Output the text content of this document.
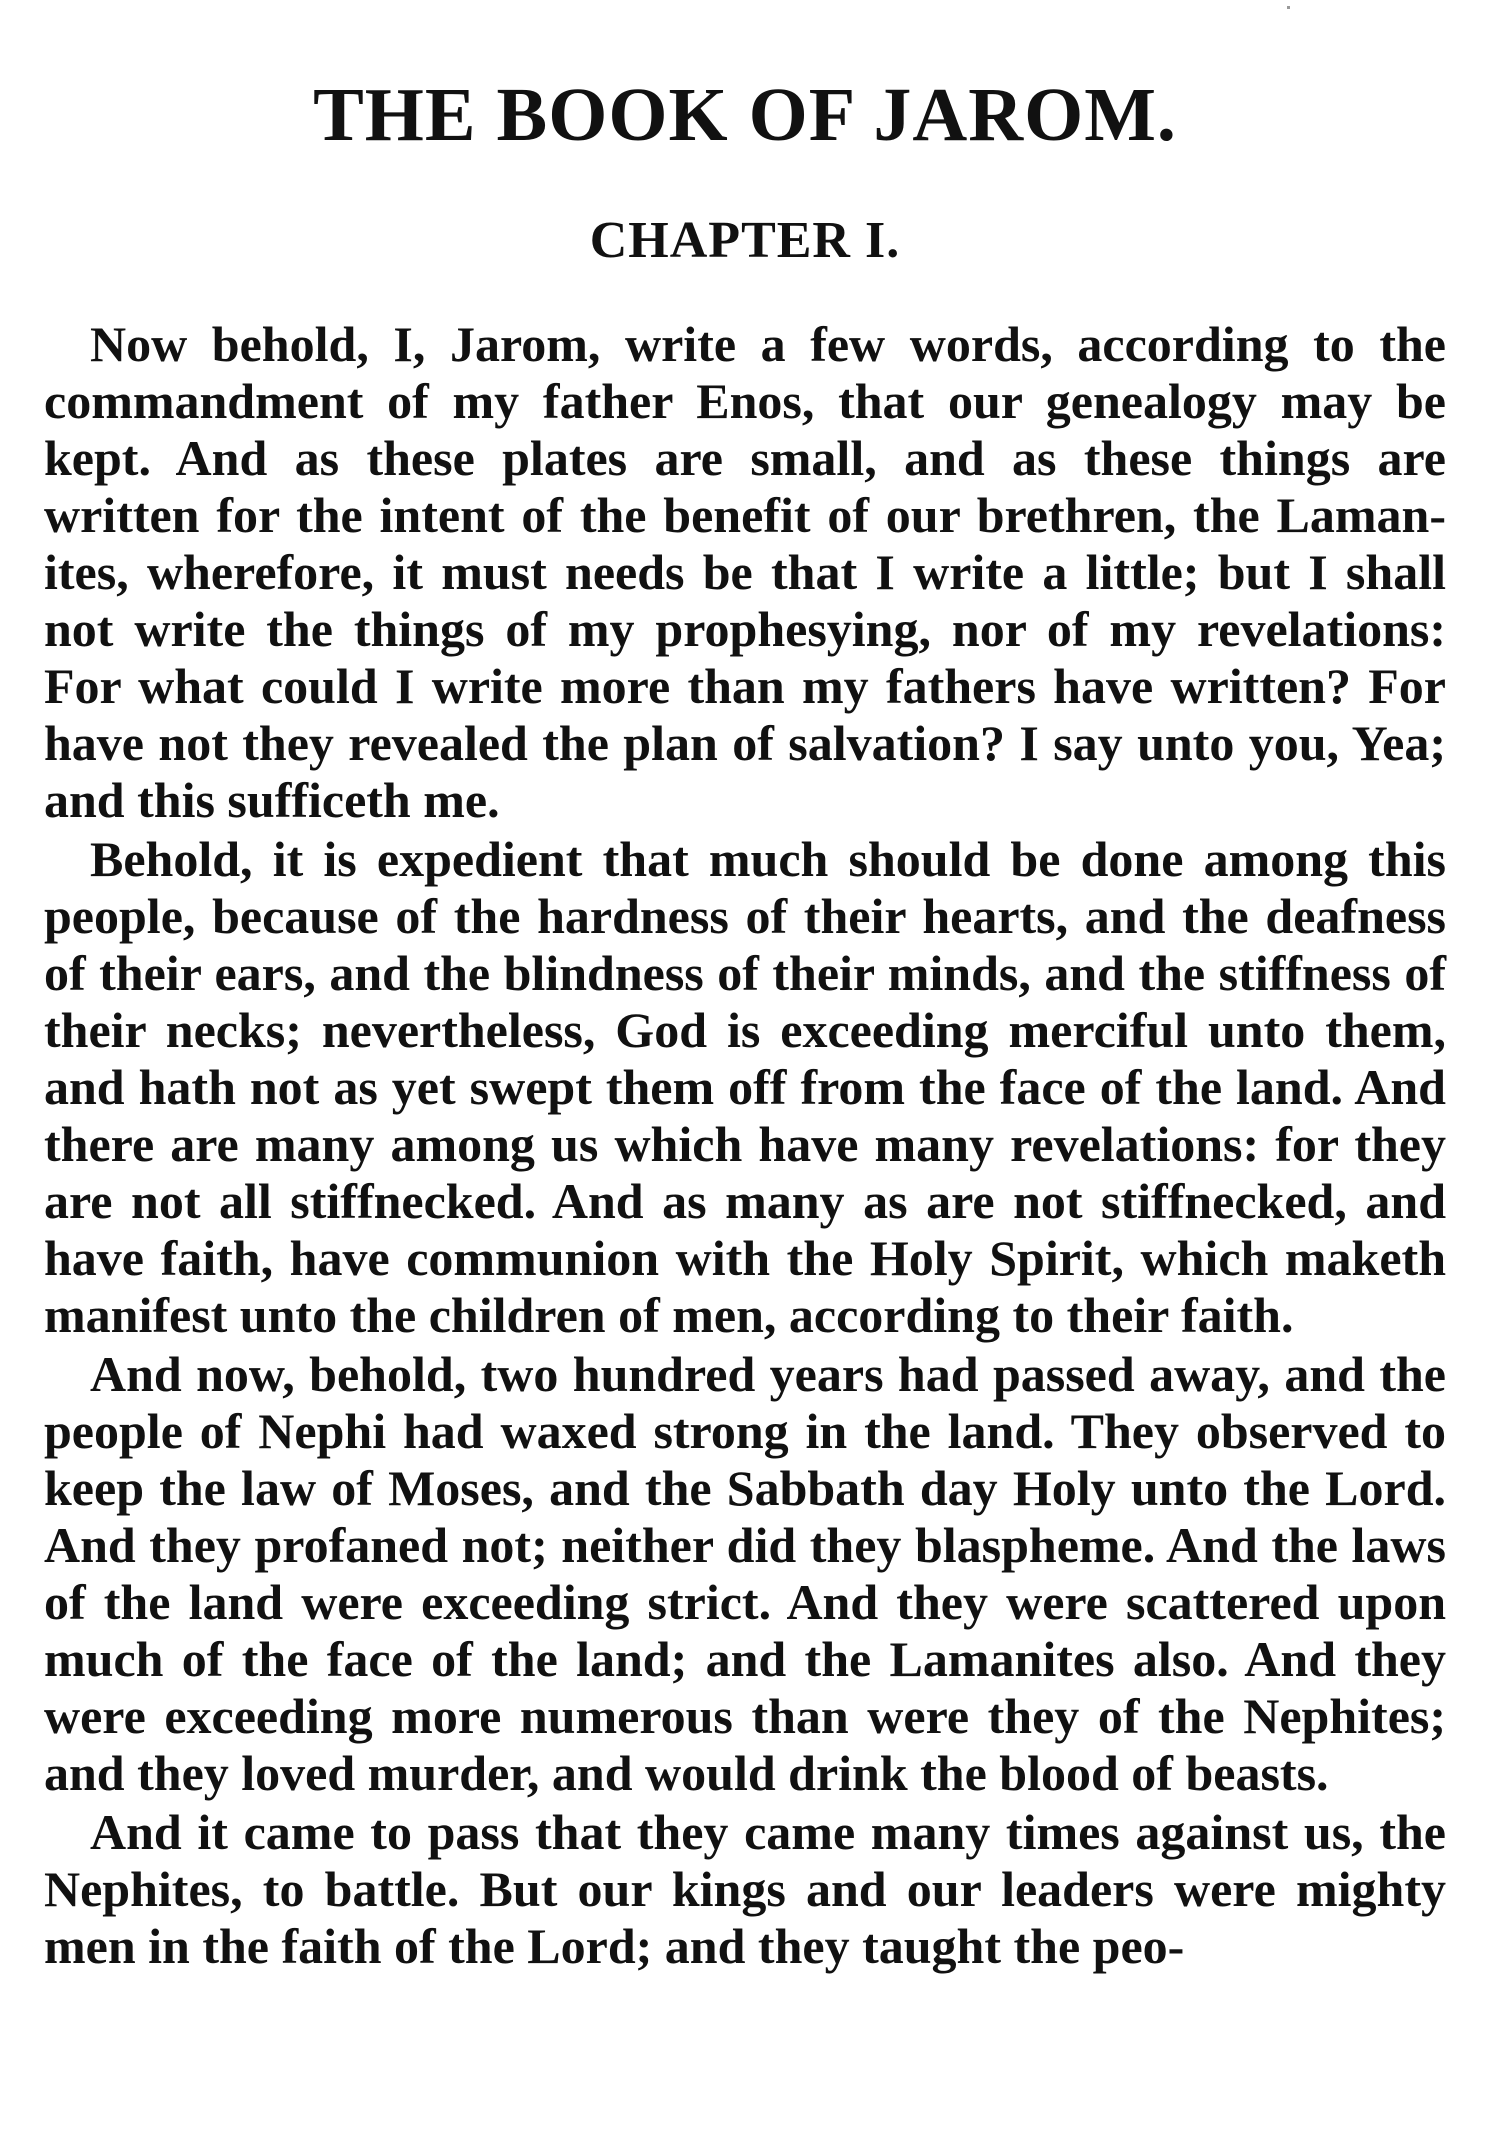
THE BOOK OF JAROM.
CHAPTER I.

Now behold, I, Jarom, write a few words, according to the commandment of my father Enos, that our genealogy may be kept. And as these plates are small, and as these things are written for the intent of the benefit of our brethren, the Lamanites, wherefore, it must needs be that I write a little; but I shall not write the things of my prophesying, nor of my revelations: For what could I write more than my fathers have written? For have not they revealed the plan of salvation? I say unto you, Yea; and this sufficeth me.

Behold, it is expedient that much should be done among this people, because of the hardness of their hearts, and the deafness of their ears, and the blindness of their minds, and the stiffness of their necks; nevertheless, God is exceeding merciful unto them, and hath not as yet swept them off from the face of the land. And there are many among us which have many revelations: for they are not all stiffnecked. And as many as are not stiffnecked, and have faith, have communion with the Holy Spirit, which maketh manifest unto the children of men, according to their faith.

And now, behold, two hundred years had passed away, and the people of Nephi had waxed strong in the land. They observed to keep the law of Moses, and the Sabbath day Holy unto the Lord. And they profaned not; neither did they blaspheme. And the laws of the land were exceeding strict. And they were scattered upon much of the face of the land; and the Lamanites also. And they were exceeding more numerous than were they of the Nephites; and they loved murder, and would drink the blood of beasts.

And it came to pass that they came many times against us, the Nephites, to battle. But our kings and our leaders were mighty men in the faith of the Lord; and they taught the peo-
